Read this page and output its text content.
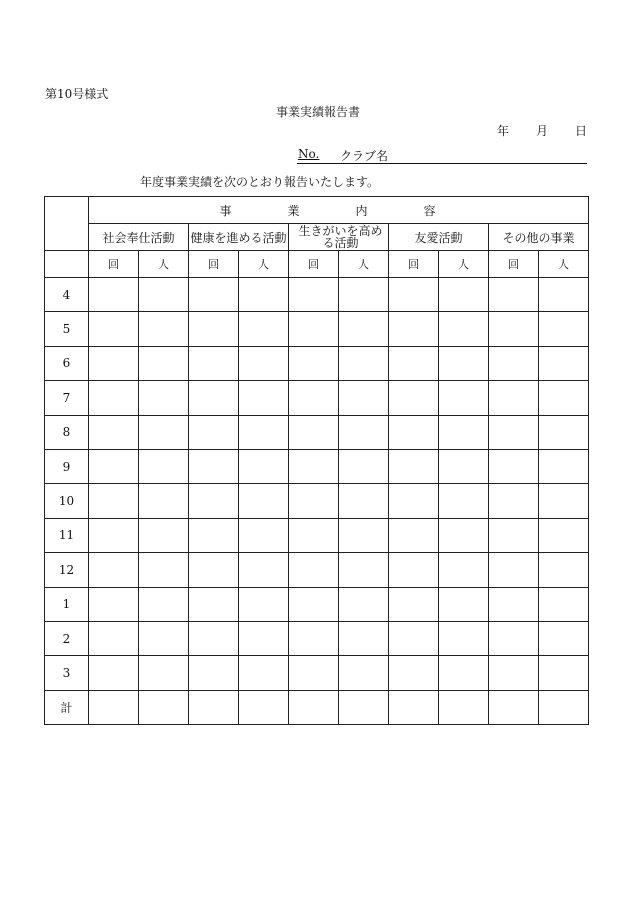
第10号様式
事業実績報告書
年 月 日
No. クラブ名
年度事業実績を次のとおり報告いたします。
	事　業　内　容									
	社会奉仕活動		健康を進める活動		生きがいを高める活動		友愛活動		その他の事業	
	回	人	回	人	回	人	回	人	回	人
4										
5										
6										
7										
8										
9										
10										
11										
12										
1										
2										
3										
計										
